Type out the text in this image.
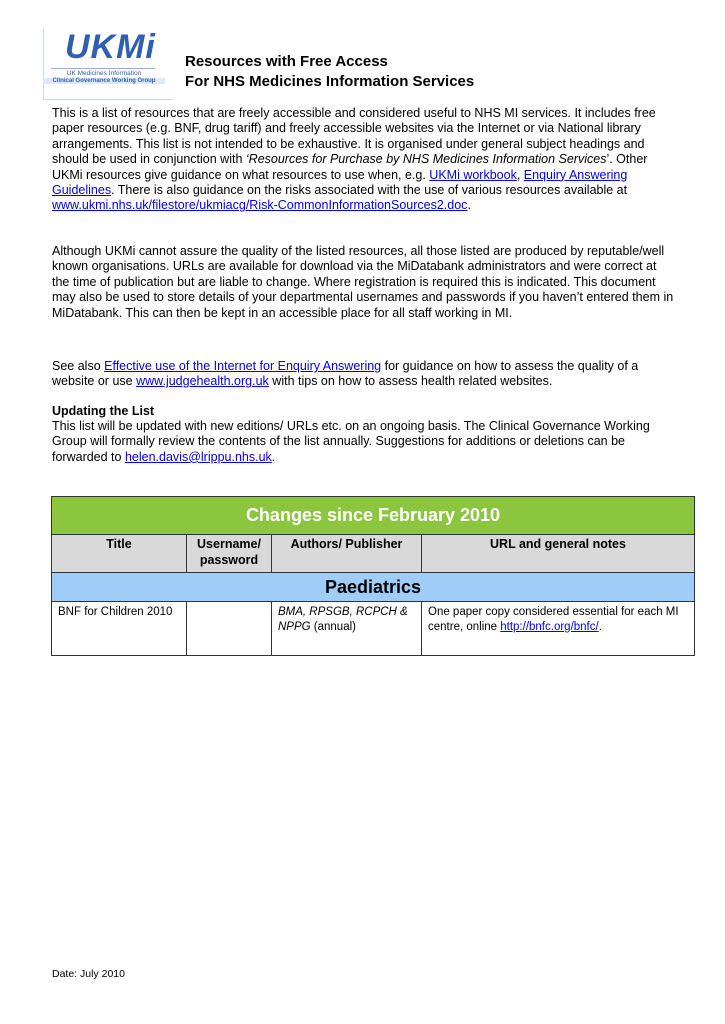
UKMi
UK Medicines Information
Clinical Governance Working Group
Resources with Free Access
For NHS Medicines Information Services
This is a list of resources that are freely accessible and considered useful to NHS MI services. It includes free paper resources (e.g. BNF, drug tariff) and freely accessible websites via the Internet or via National library arrangements. This list is not intended to be exhaustive. It is organised under general subject headings and should be used in conjunction with ‘Resources for Purchase by NHS Medicines Information Services’. Other UKMi resources give guidance on what resources to use when, e.g. UKMi workbook, Enquiry Answering Guidelines. There is also guidance on the risks associated with the use of various resources available at www.ukmi.nhs.uk/filestore/ukmiacg/Risk-CommonInformationSources2.doc.
Although UKMi cannot assure the quality of the listed resources, all those listed are produced by reputable/well known organisations. URLs are available for download via the MiDatabank administrators and were correct at the time of publication but are liable to change. Where registration is required this is indicated. This document may also be used to store details of your departmental usernames and passwords if you haven’t entered them in MiDatabank. This can then be kept in an accessible place for all staff working in MI.
See also Effective use of the Internet for Enquiry Answering for guidance on how to assess the quality of a website or use www.judgehealth.org.uk with tips on how to assess health related websites.
Updating the List
This list will be updated with new editions/ URLs etc. on an ongoing basis. The Clinical Governance Working Group will formally review the contents of the list annually. Suggestions for additions or deletions can be forwarded to helen.davis@lrippu.nhs.uk.
Changes since February 2010			
Title	Username/ password	Authors/ Publisher	URL and general notes
Paediatrics			
BNF for Children 2010		BMA, RPSGB, RCPCH & NPPG (annual)	One paper copy considered essential for each MI centre, online http://bnfc.org/bnfc/.
Date: July 2010
